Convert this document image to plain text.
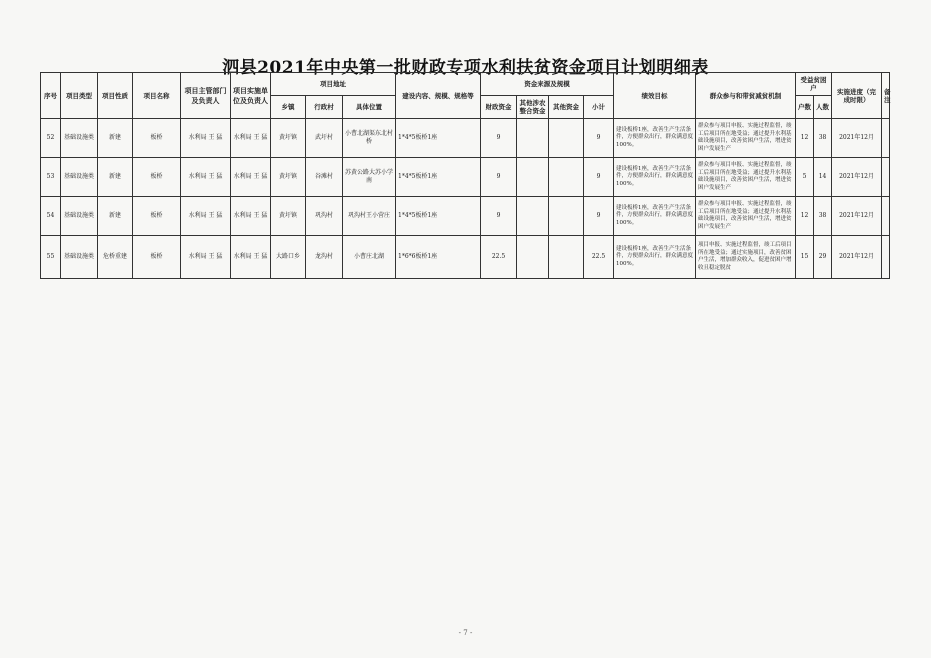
泗县2021年中央第一批财政专项水利扶贫资金项目计划明细表
序号	项目类型	项目性质	项目名称	项目主管部门及负责人	项目实施单位及负责人	项目地址			建设内容、规模、规格等	资金来源及规模				绩效目标	群众参与和带贫减贫机制	受益贫困户		实施进度（完成时限）	备注
						乡镇	行政村	具体位置		财政资金	其他涉农整合资金	其他资金	小计			户数	人数		
52	基础设施类	新建	板桥	水利局 王 猛	水利局 王 猛	黄圩镇	武圩村	小曹北湖渠东北村桥	1*4*5板桥1座	9			9	建设板桥1座，改善生产生活条件，方便群众出行，群众满意度100%。	群众参与项目申报、实施过程监督，竣工后项目所在地受益；通过提升水利基础设施项目，改善贫困户生活，增进贫困户发展生产	12	38	2021年12月	
53	基础设施类	新建	板桥	水利局 王 猛	水利局 王 猛	黄圩镇	谷滩村	苏黄公路大苏小学南	1*4*5板桥1座	9			9	建设板桥1座，改善生产生活条件，方便群众出行，群众满意度100%。	群众参与项目申报、实施过程监督，竣工后项目所在地受益；通过提升水利基础设施项目，改善贫困户生活，增进贫困户发展生产	5	14	2021年12月	
54	基础设施类	新建	板桥	水利局 王 猛	水利局 王 猛	黄圩镇	巩沟村	巩沟村王小营庄	1*4*5板桥1座	9			9	建设板桥1座，改善生产生活条件，方便群众出行，群众满意度100%。	群众参与项目申报、实施过程监督，竣工后项目所在地受益；通过提升水利基础设施项目，改善贫困户生活，增进贫困户发展生产	12	38	2021年12月	
55	基础设施类	危桥重建	板桥	水利局 王 猛	水利局 王 猛	大路口乡	龙沟村	小曹庄北湖	1*6*6板桥1座	22.5			22.5	建设板桥1座，改善生产生活条件，方便群众出行，群众满意度100%。	项目申报、实施过程监督，竣工后项目所在地受益；通过实施项目，改善贫困户生活，增加群众收入，促进贫困户增收且稳定脱贫	15	29	2021年12月	
- 7 -
